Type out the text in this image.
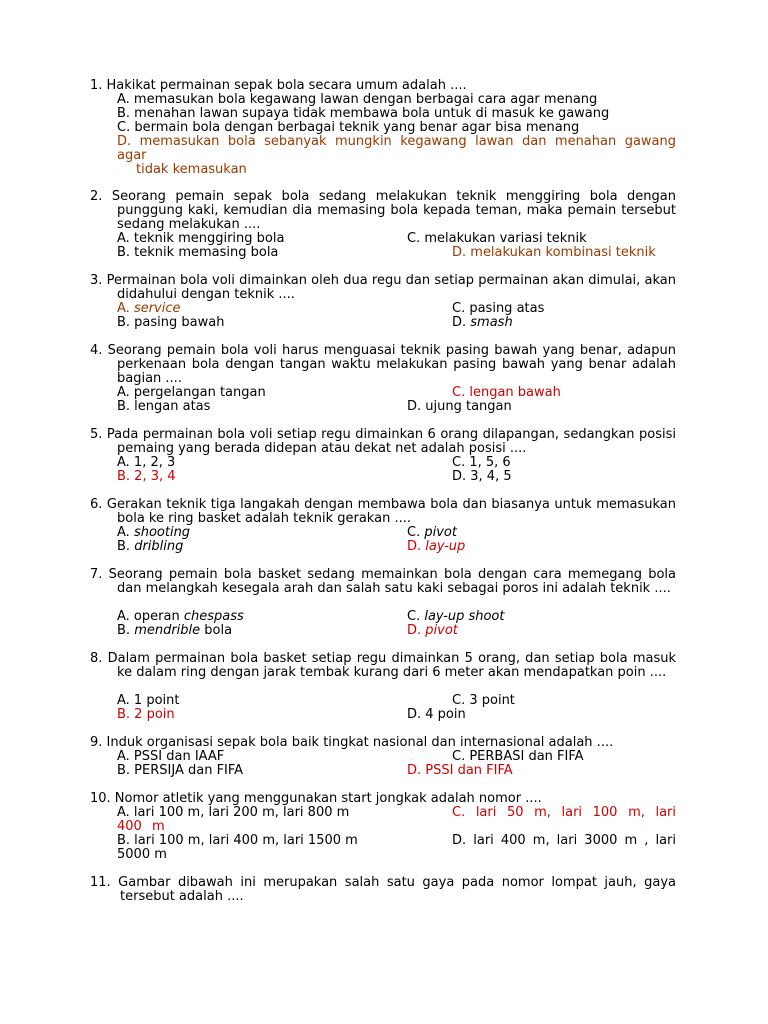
1. Hakikat permainan sepak bola secara umum adalah ....
A. memasukan bola kegawang lawan dengan berbagai cara agar menang
B. menahan lawan supaya tidak membawa bola untuk di masuk ke gawang
C. bermain bola dengan berbagai teknik yang benar agar bisa menang
D. memasukan bola sebanyak mungkin kegawang lawan dan menahan gawang agar
tidak kemasukan
2. Seorang pemain sepak bola sedang melakukan teknik menggiring bola dengan punggung kaki, kemudian dia memasing bola kepada teman, maka pemain tersebut sedang melakukan ....
A. teknik menggiring bola
B. teknik memasing bola
C. melakukan variasi teknik
D. melakukan kombinasi teknik
3. Permainan bola voli dimainkan oleh dua regu dan setiap permainan akan dimulai, akan didahului dengan teknik ....
A. service
B. pasing bawah
C. pasing atas
D. smash
4. Seorang pemain bola voli harus menguasai teknik pasing bawah yang benar, adapun perkenaan bola dengan tangan waktu melakukan pasing bawah yang benar adalah bagian ....
A. pergelangan tangan
B. lengan atas
C. lengan bawah
D. ujung tangan
5. Pada permainan bola voli setiap regu dimainkan 6 orang dilapangan, sedangkan posisi pemaing yang berada didepan atau dekat net adalah posisi ....
A. 1, 2, 3
B. 2, 3, 4
C. 1, 5, 6
D. 3, 4, 5
6. Gerakan teknik tiga langakah dengan membawa bola dan biasanya untuk memasukan bola ke ring basket adalah teknik gerakan ....
A. shooting
B. dribling
C. pivot
D. lay-up
7. Seorang pemain bola basket sedang memainkan bola dengan cara memegang bola dan melangkah kesegala arah dan salah satu kaki sebagai poros ini adalah teknik ....
A. operan chespass
B. mendrible bola
C. lay-up shoot
D. pivot
8. Dalam permainan bola basket setiap regu dimainkan 5 orang, dan setiap bola masuk ke dalam ring dengan jarak tembak kurang dari 6 meter akan mendapatkan poin ....
A. 1 point
B. 2 poin
C. 3 point
D. 4 poin
9. Induk organisasi sepak bola baik tingkat nasional dan internasional adalah ....
A. PSSI dan IAAF
B. PERSIJA dan FIFA
C. PERBASI dan FIFA
D. PSSI dan FIFA
10. Nomor atletik yang menggunakan start jongkak adalah nomor ....
A. lari 100 m, lari 200 m, lari 800 m
B. lari 100 m, lari 400 m, lari 1500 m
C. lari 50 m, lari 100 m, lari 400 m
D. lari 400 m, lari 3000 m , lari 5000 m
11. Gambar dibawah ini merupakan salah satu gaya pada nomor lompat jauh, gaya tersebut adalah ....
